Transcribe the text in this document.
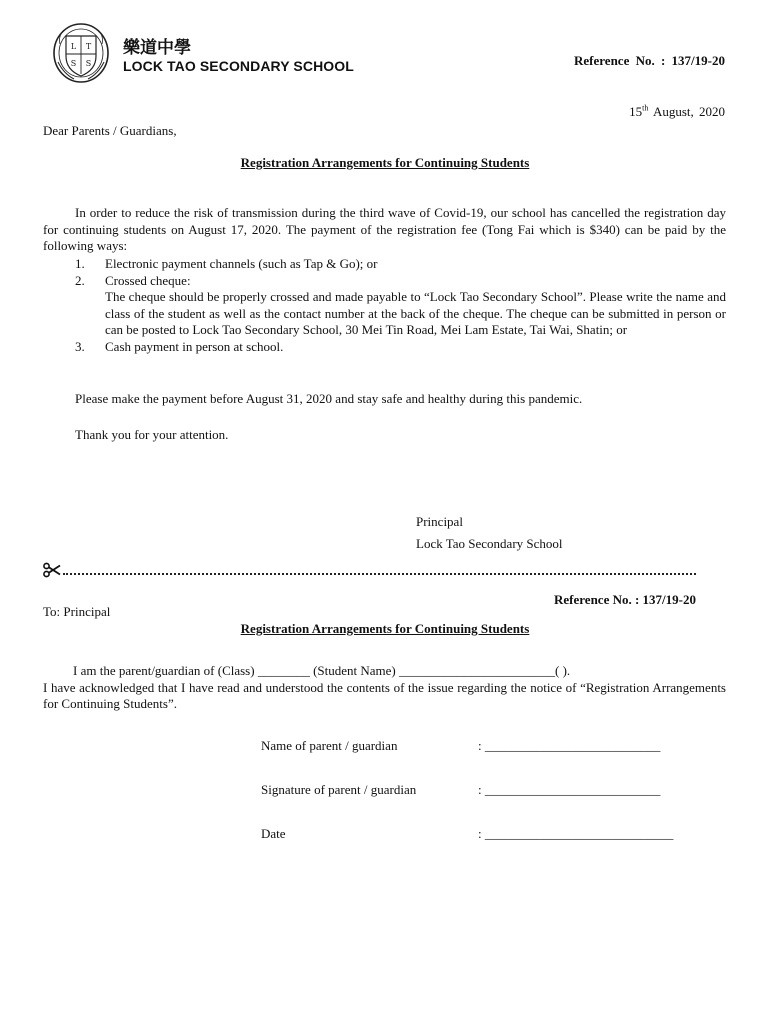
L T
S S
樂道中學
LOCK TAO SECONDARY SCHOOL	Reference No. : 137/19-20
15th August, 2020
Dear Parents / Guardians,
Registration Arrangements for Continuing Students
In order to reduce the risk of transmission during the third wave of Covid-19, our school has cancelled the registration day for continuing students on August 17, 2020. The payment of the registration fee (Tong Fai which is $340) can be paid by the following ways:
1.	Electronic payment channels (such as Tap & Go); or
2.	Crossed cheque:
The cheque should be properly crossed and made payable to “Lock Tao Secondary School”. Please write the name and class of the student as well as the contact number at the back of the cheque. The cheque can be submitted in person or can be posted to Lock Tao Secondary School, 30 Mei Tin Road, Mei Lam Estate, Tai Wai, Shatin; or
3.	Cash payment in person at school.
Please make the payment before August 31, 2020 and stay safe and healthy during this pandemic.
Thank you for your attention.
Principal
Lock Tao Secondary School
Reference No. : 137/19-20
To: Principal
Registration Arrangements for Continuing Students
I am the parent/guardian of (Class) ________ (Student Name) ________________________( ).
I have acknowledged that I have read and understood the contents of the issue regarding the notice of “Registration Arrangements for Continuing Students”.
Name of parent / guardian	: ___________________________
Signature of parent / guardian	: ___________________________
Date	: _____________________________
